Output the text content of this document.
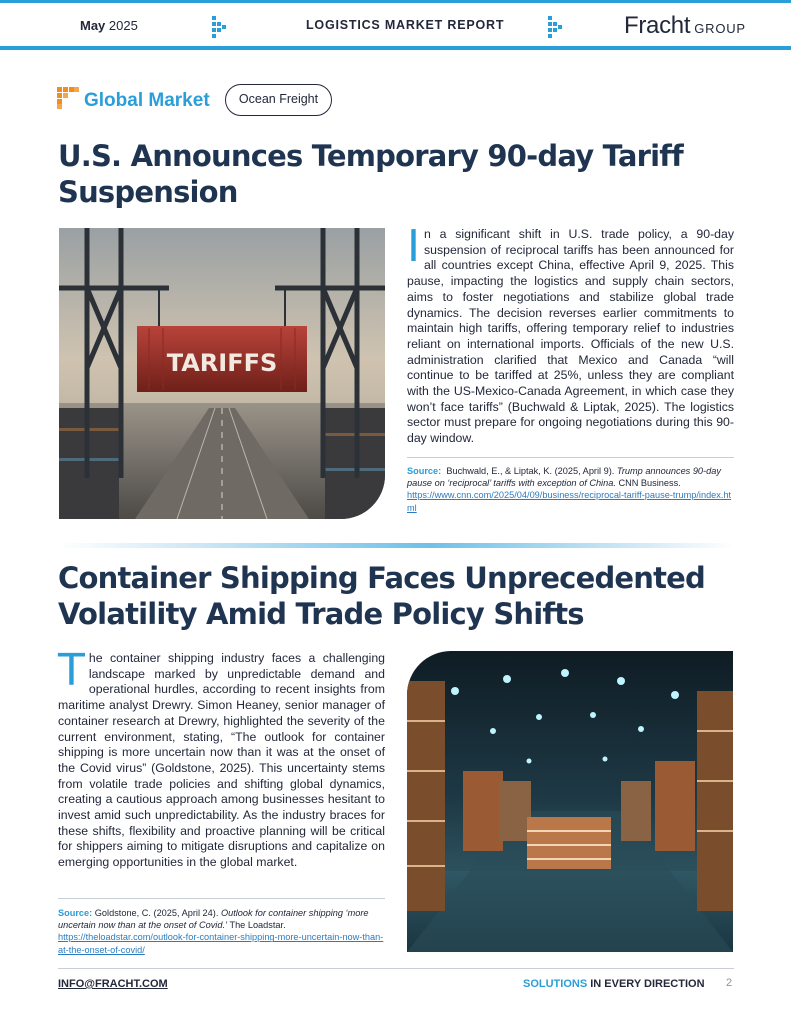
May 2025	LOGISTICS MARKET REPORT	Fracht GROUP
Global Market	Ocean Freight
U.S. Announces Temporary 90-day Tariff Suspension
TARIFFS
In a significant shift in U.S. trade policy, a 90-day suspension of reciprocal tariffs has been announced for all countries except China, effective April 9, 2025. This pause, impacting the logistics and supply chain sectors, aims to foster negotiations and stabilize global trade dynamics. The decision reverses earlier commitments to maintain high tariffs, offering temporary relief to industries reliant on international imports. Officials of the new U.S. administration clarified that Mexico and Canada “will continue to be tariffed at 25%, unless they are compliant with the US-Mexico-Canada Agreement, in which case they won’t face tariffs” (Buchwald & Liptak, 2025). The logistics sector must prepare for ongoing negotiations during this 90-day window.
Source: Buchwald, E., & Liptak, K. (2025, April 9). Trump announces 90-day pause on ‘reciprocal’ tariffs with exception of China. CNN Business.
https://www.cnn.com/2025/04/09/business/reciprocal-tariff-pause-trump/index.html
Container Shipping Faces Unprecedented Volatility Amid Trade Policy Shifts
The container shipping industry faces a challenging landscape marked by unpredictable demand and operational hurdles, according to recent insights from maritime analyst Drewry. Simon Heaney, senior manager of container research at Drewry, highlighted the severity of the current environment, stating, “The outlook for container shipping is more uncertain now than it was at the onset of the Covid virus” (Goldstone, 2025). This uncertainty stems from volatile trade policies and shifting global dynamics, creating a cautious approach among businesses hesitant to invest amid such unpredictability. As the industry braces for these shifts, flexibility and proactive planning will be critical for shippers aiming to mitigate disruptions and capitalize on emerging opportunities in the global market.
Source: Goldstone, C. (2025, April 24). Outlook for container shipping ‘more uncertain now than at the onset of Covid.’ The Loadstar.
https://theloadstar.com/outlook-for-container-shipping-more-uncertain-now-than-at-the-onset-of-covid/
INFO@FRACHT.COM	SOLUTIONS IN EVERY DIRECTION 2
